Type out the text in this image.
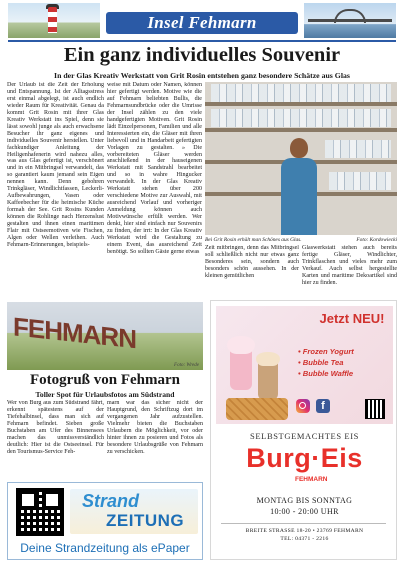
Insel Fehmarn
Ein ganz individuelles Souvenir
In der Glas Kreativ Werkstatt von Grit Rosin entstehen ganz besondere Schätze aus Glas
Der Urlaub ist die Zeit der Erholung und Entspannung. Ist der Alltagsstress erst einmal abgelegt, ist auch endlich wieder Raum für Kreativität. Genau da kommt Grit Rosin mit ihrer Glas Kreativ Werkstatt ins Spiel, denn sie lässt sowohl junge als auch erwachsene Besucher ihr ganz eigenes und individuelles Souvenir herstellen. Unter fachkundiger Anleitung der Heiligenhafenerin wird nahezu alles, was aus Glas gefertigt ist, verschönert und in ein Mitbringsel verwandelt, das so garantiert kaum jemand sein Eigen nennen kann. Denn gebohren Trinkgläser, Windlichtfassen, Leckerli-Aufbewahrungen, Vasen oder Kaffeebecher für die heimische Küche formah der See. Grit Rosins Kunden können die Rohlinge nach Herzenslust gestalten und ihnen einen maritimen Flair mit Ostseemotiven wie Fischen, Algen oder Wellen verleihen. Auch Fehmarn-Erinnerungen, beispiels-
weise mit Datum oder Namen, können hier gefertigt werden. Motive wie die auf Fehmarn beliebten Bullis, die Fehmarnsundbrücke oder die Umrisse der Insel zählen zu den viele handgefertigten Motiven. Grit Rosin lädt Einzelpersonen, Familien und alle Interessierten ein, die Gläser mit ihren liebevoll und in Handarbeit gefertigten Vorlagen zu gestalten. » Die vorbereiteten Gläser werden anschließend in der hauseigenen Werkstatt mit Sandstrahl bearbeitet und so in wahre Hingucker verwandelt. In der Glas Kreativ Werkstatt stehen über 200 verschiedene Motive zur Auswahl, mit ausreichend Vorlauf und vorheriger Anmeldung können auch Motivwünsche erfüllt werden. Wer denkt, hier sind einfach nur Souvenirs zu finden, der irrt: In der Glas Kreativ Werkstatt wird die Gestaltung zu einem Event, das ausreichend Zeit benötigt. So sollten Gäste gerne etwas
Bei Grit Rosin erhält man Schönes aus Glas.	Foto: Kordowiecki
Zeit mitbringen, denn das Mitbringsel soll schließlich nicht nur etwas ganz Besonderes sein, sondern auch besonders schön aussehen. In der kleinen gemütlichen
Glaswerkstatt stehen auch bereits fertige Gläser, Windlichter, Trinkflaschen und vieles mehr zum Verkauf. Auch selbst hergestellte Karten und maritime Dekoartikel sind hier zu finden.
FEHMARN
Foto: Wrede
Fotogruß von Fehmarn
Toller Spot für Urlaubsfotos am Südstrand
Wer von Burg aus zum Südstrand fährt, erkennt spätestens auf der Tiefehalbinsel, dass man sich auf Fehmarn befindet. Sieben große Buchstaben am Ufer des Binnensees machen das unmissverständlich deutlich: Hier ist die Ostseeinsel. Für den Tourismus-Service Feh-
marn war das sicher nicht der Hauptgrund, den Schriftzug dort im vergangenen Jahr aufzustellen. Vielmehr bieten die Buchstaben Urlaubern die Möglichkeit, vor oder hinter ihnen zu posieren und Fotos als besondere Urlaubsgrüße von Fehmarn zu verschicken.
Strand
ZEITUNG
Deine Strandzeitung als ePaper
Jetzt NEU!
• Frozen Yogurt
• Bubble Tea
• Bubble Waffle
f
SELBSTGEMACHTES EIS
Burg·Eis
FEHMARN
MONTAG BIS SONNTAG
10:00 - 20:00 UHR
BREITE STRASSE 18-20 • 23769 FEHMARN
TEL: 04371 - 2216
